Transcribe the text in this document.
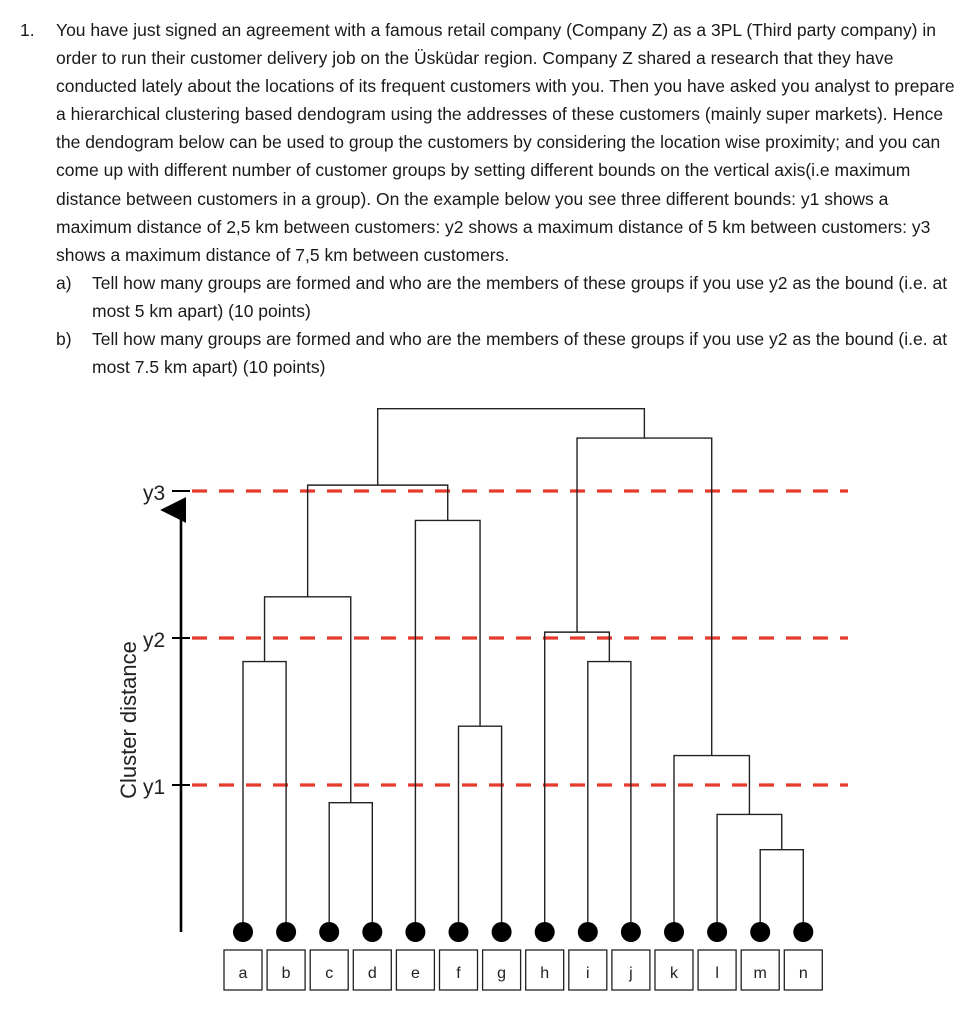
1.	You have just signed an agreement with a famous retail company (Company Z) as a 3PL (Third party company) in order to run their customer delivery job on the Üsküdar region. Company Z shared a research that they have conducted lately about the locations of its frequent customers with you. Then you have asked you analyst to prepare a hierarchical clustering based dendogram using the addresses of these customers (mainly super markets). Hence the dendogram below can be used to group the customers by considering the location wise proximity; and you can come up with different number of customer groups by setting different bounds on the vertical axis(i.e maximum distance between customers in a group). On the example below you see three different bounds: y1 shows a maximum distance of 2,5 km between customers: y2 shows a maximum distance of 5 km between customers: y3 shows a maximum distance of 7,5 km between customers.

a)	Tell how many groups are formed and who are the members of these groups if you use y2 as the bound (i.e. at most 5 km apart) (10 points)
b)	Tell how many groups are formed and who are the members of these groups if you use y2 as the bound (i.e. at most 7.5 km apart) (10 points)
Cluster distance y1
y2
y3
a b c d e f g h i j k l m n
